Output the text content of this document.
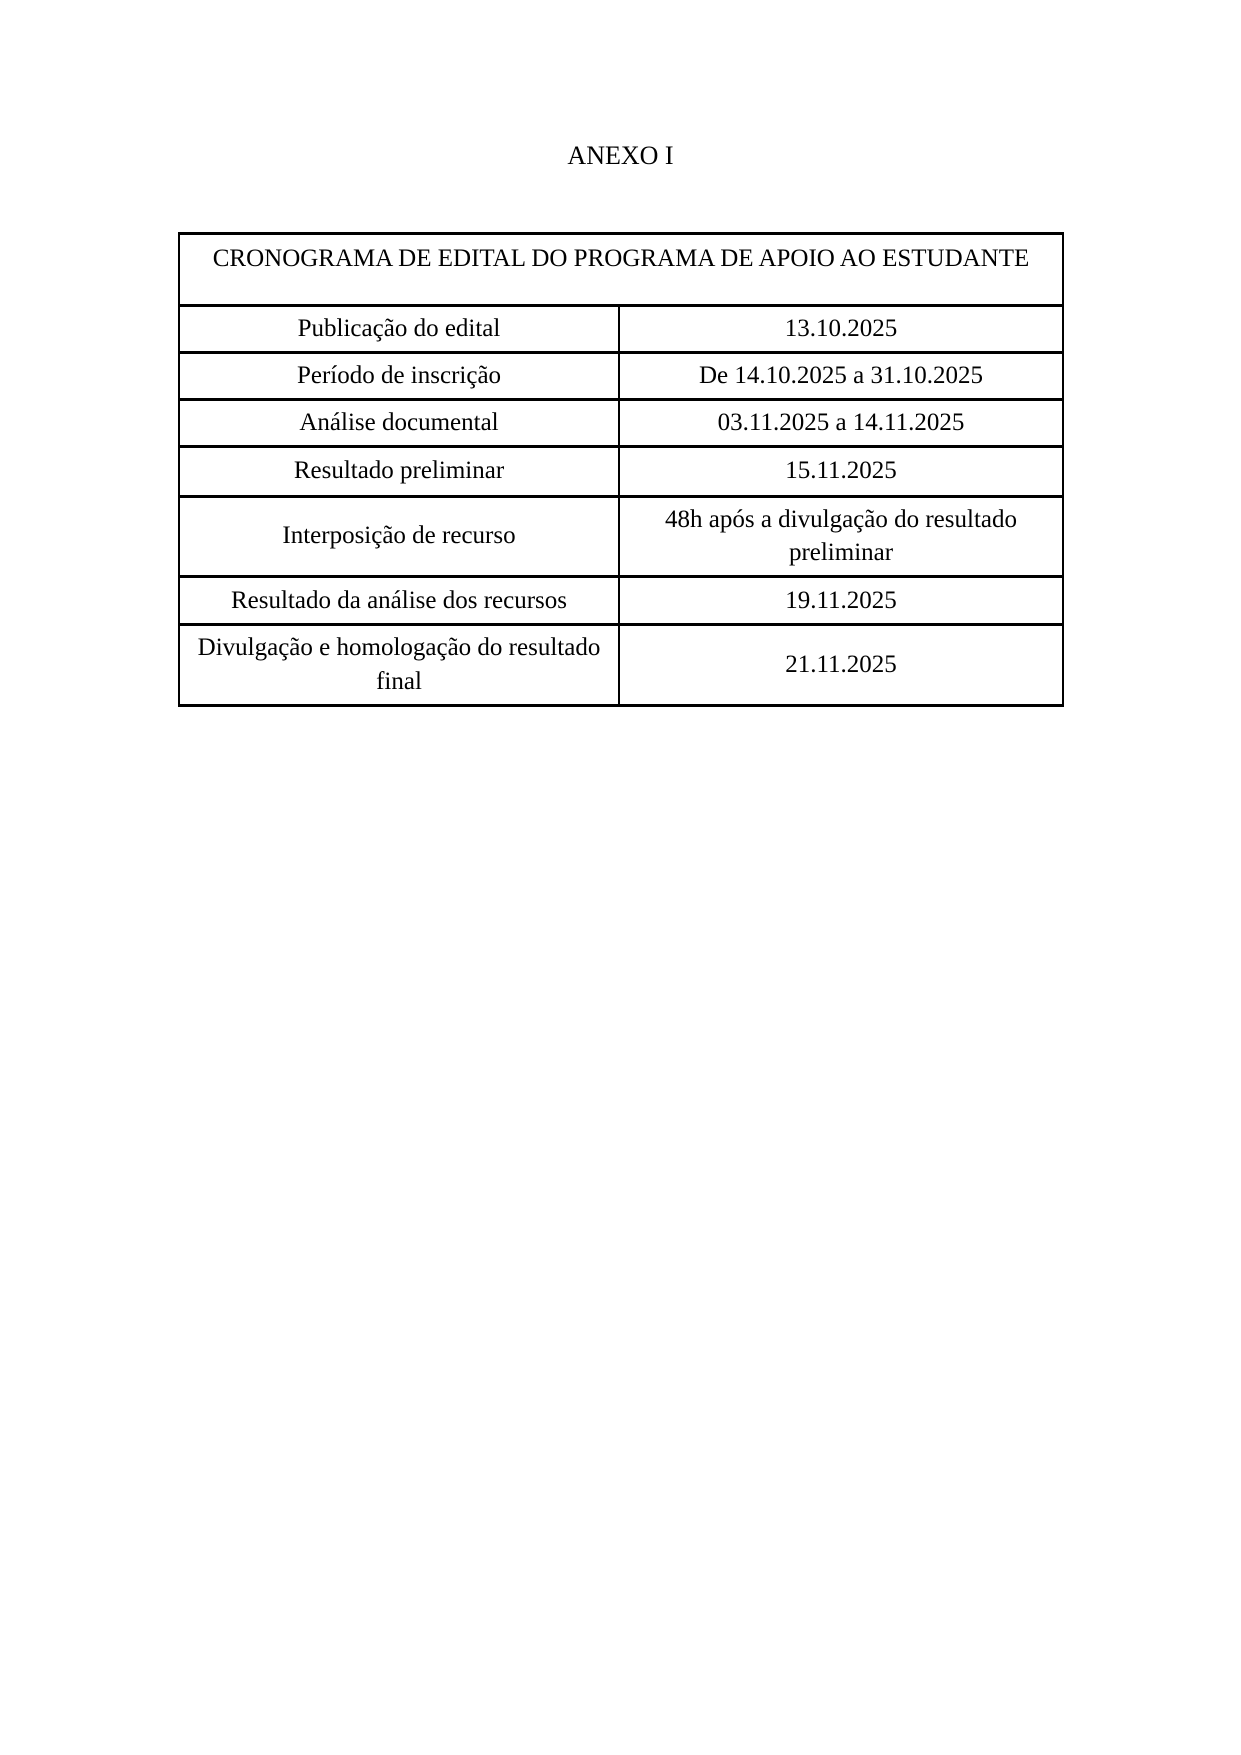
ANEXO I
CRONOGRAMA DE EDITAL DO PROGRAMA DE APOIO AO ESTUDANTE	
Publicação do edital	13.10.2025
Período de inscrição	De 14.10.2025 a 31.10.2025
Análise documental	03.11.2025 a 14.11.2025
Resultado preliminar	15.11.2025
Interposição de recurso	48h após a divulgação do resultado preliminar
Resultado da análise dos recursos	19.11.2025
Divulgação e homologação do resultado final	21.11.2025
